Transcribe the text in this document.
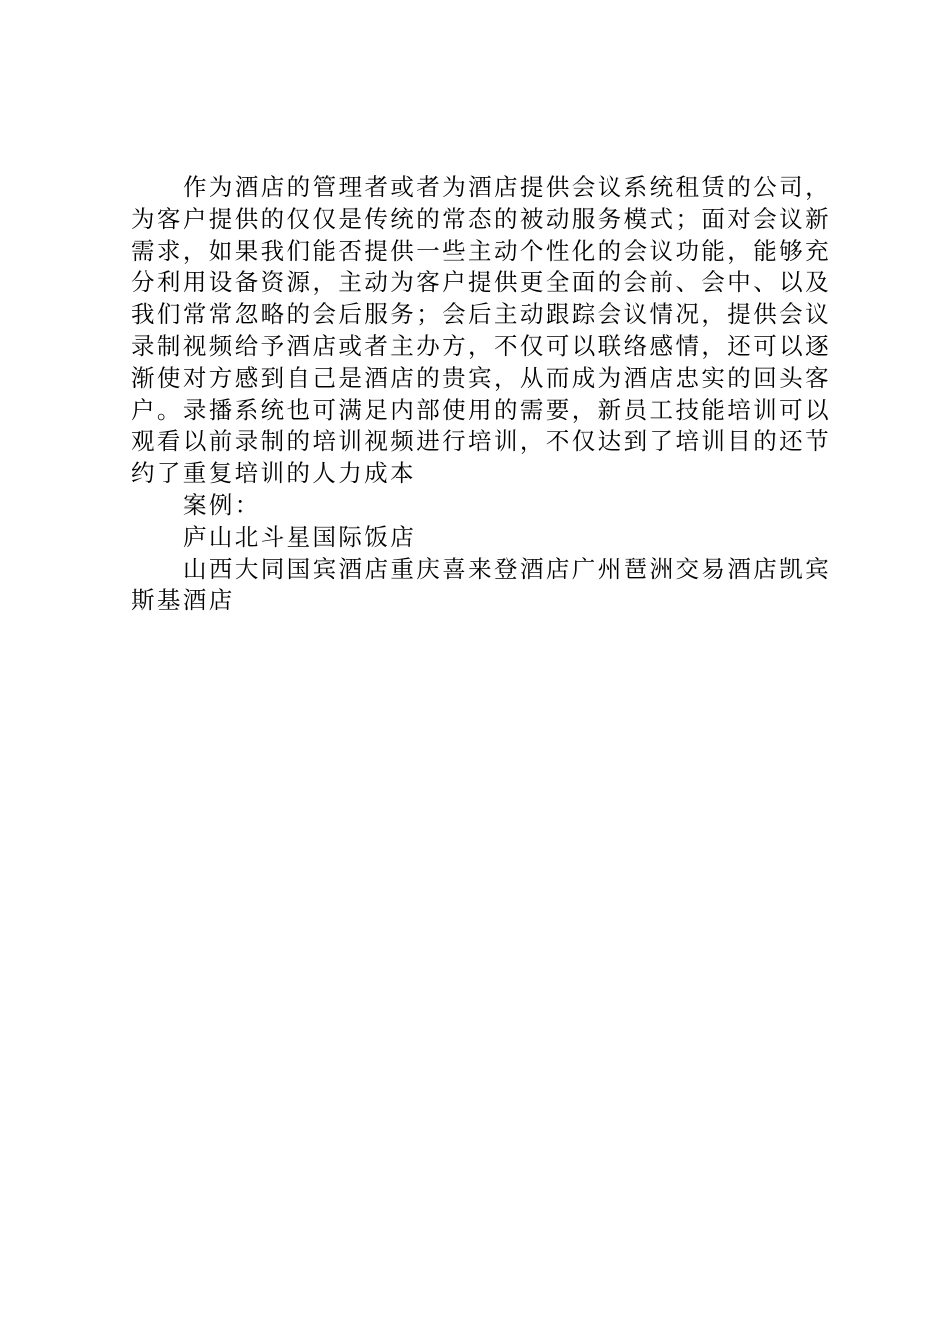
作为酒店的管理者或者为酒店提供会议系统租赁的公司，为客户提供的仅仅是传统的常态的被动服务模式；面对会议新需求，如果我们能否提供一些主动个性化的会议功能，能够充分利用设备资源，主动为客户提供更全面的会前、会中、以及我们常常忽略的会后服务；会后主动跟踪会议情况，提供会议录制视频给予酒店或者主办方，不仅可以联络感情，还可以逐渐使对方感到自己是酒店的贵宾，从而成为酒店忠实的回头客户。录播系统也可满足内部使用的需要，新员工技能培训可以观看以前录制的培训视频进行培训，不仅达到了培训目的还节约了重复培训的人力成本

案例：

庐山北斗星国际饭店

山西大同国宾酒店重庆喜来登酒店广州琶洲交易酒店凯宾斯基酒店
